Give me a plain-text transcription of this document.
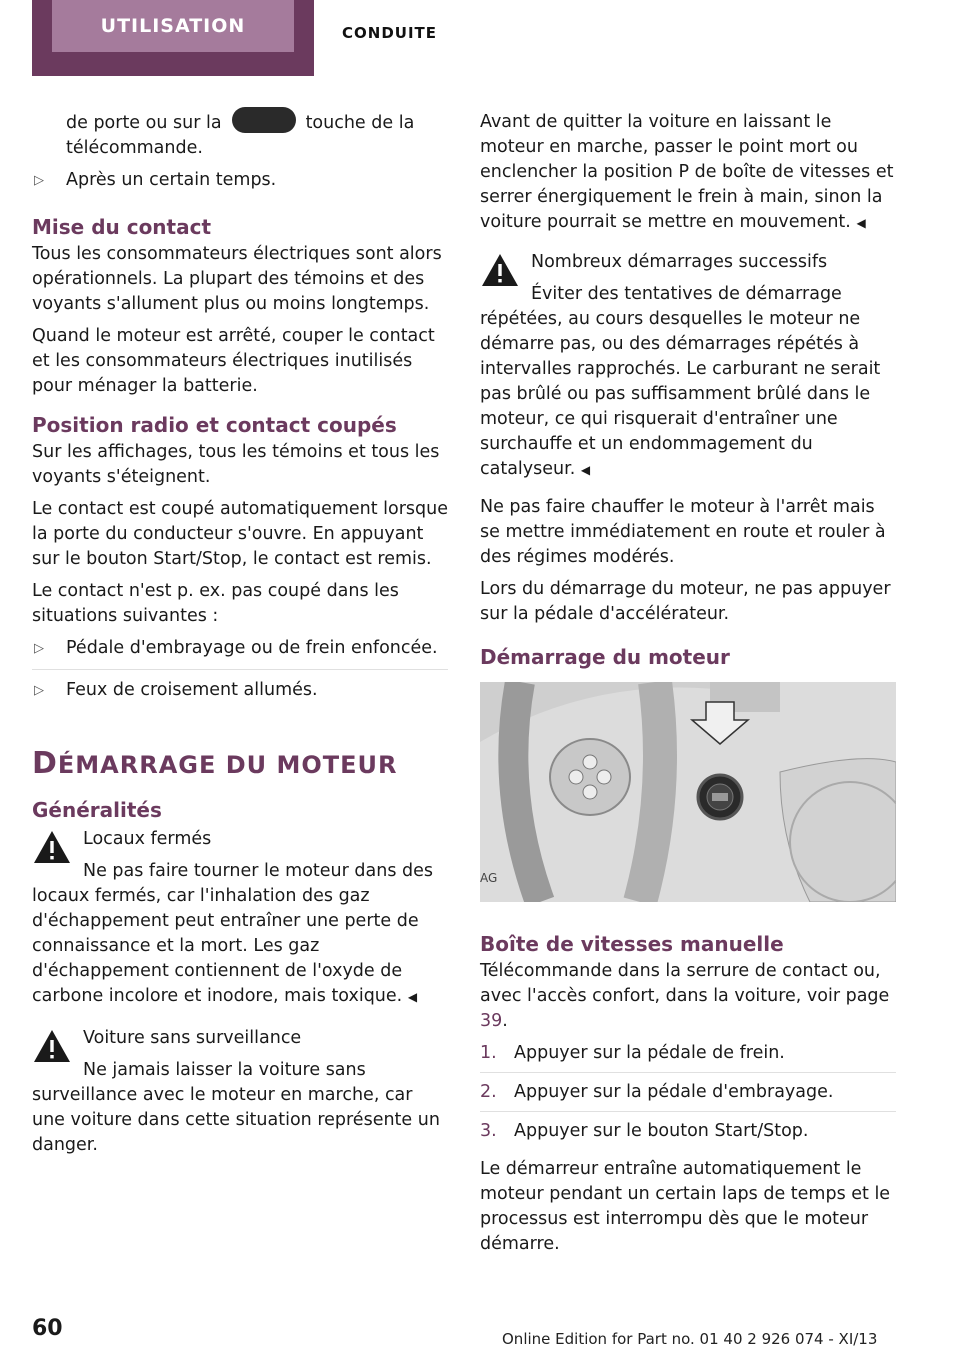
UTILISATION	CONDUITE

de porte ou sur la	touche de la télécommande.

▷ Après un certain temps.
Mise du contact

Tous les consommateurs électriques sont alors opérationnels. La plupart des témoins et des voyants s'allument plus ou moins longtemps.

Quand le moteur est arrêté, couper le contact et les consommateurs électriques inutilisés pour ménager la batterie.

Position radio et contact coupés

Sur les affichages, tous les témoins et tous les voyants s'éteignent.

Le contact est coupé automatiquement lorsque la porte du conducteur s'ouvre. En appuyant sur le bouton Start/Stop, le contact est remis.

Le contact n'est p. ex. pas coupé dans les situations suivantes :

▷ Pédale d'embrayage ou de frein enfoncée.
▷ Feux de croisement allumés.
DÉMARRAGE DU MOTEUR
Généralités
Locaux fermés
Ne pas faire tourner le moteur dans des locaux fermés, car l'inhalation des gaz d'échappement peut entraîner une perte de connaissance et la mort. Les gaz d'échappement contiennent de l'oxyde de carbone incolore et inodore, mais toxique. ◀
Voiture sans surveillance
Ne jamais laisser la voiture sans surveillance avec le moteur en marche, car une voiture dans cette situation représente un danger.

Avant de quitter la voiture en laissant le moteur en marche, passer le point mort ou enclencher la position P de boîte de vitesses et serrer énergiquement le frein à main, sinon la voiture pourrait se mettre en mouvement. ◀

Nombreux démarrages successifs
Éviter des tentatives de démarrage répétées, au cours desquelles le moteur ne démarre pas, ou des démarrages répétés à intervalles rapprochés. Le carburant ne serait pas brûlé ou pas suffisamment brûlé dans le moteur, ce qui risquerait d'entraîner une surchauffe et un endommagement du catalyseur. ◀

Ne pas faire chauffer le moteur à l'arrêt mais se mettre immédiatement en route et rouler à des régimes modérés.

Lors du démarrage du moteur, ne pas appuyer sur la pédale d'accélérateur.

Démarrage du moteur
AG
Boîte de vitesses manuelle

Télécommande dans la serrure de contact ou, avec l'accès confort, dans la voiture, voir page 39.

1. Appuyer sur la pédale de frein.
2. Appuyer sur la pédale d'embrayage.
3. Appuyer sur le bouton Start/Stop.

Le démarreur entraîne automatiquement le moteur pendant un certain laps de temps et le processus est interrompu dès que le moteur démarre.

60	Online Edition for Part no. 01 40 2 926 074 - XI/13
